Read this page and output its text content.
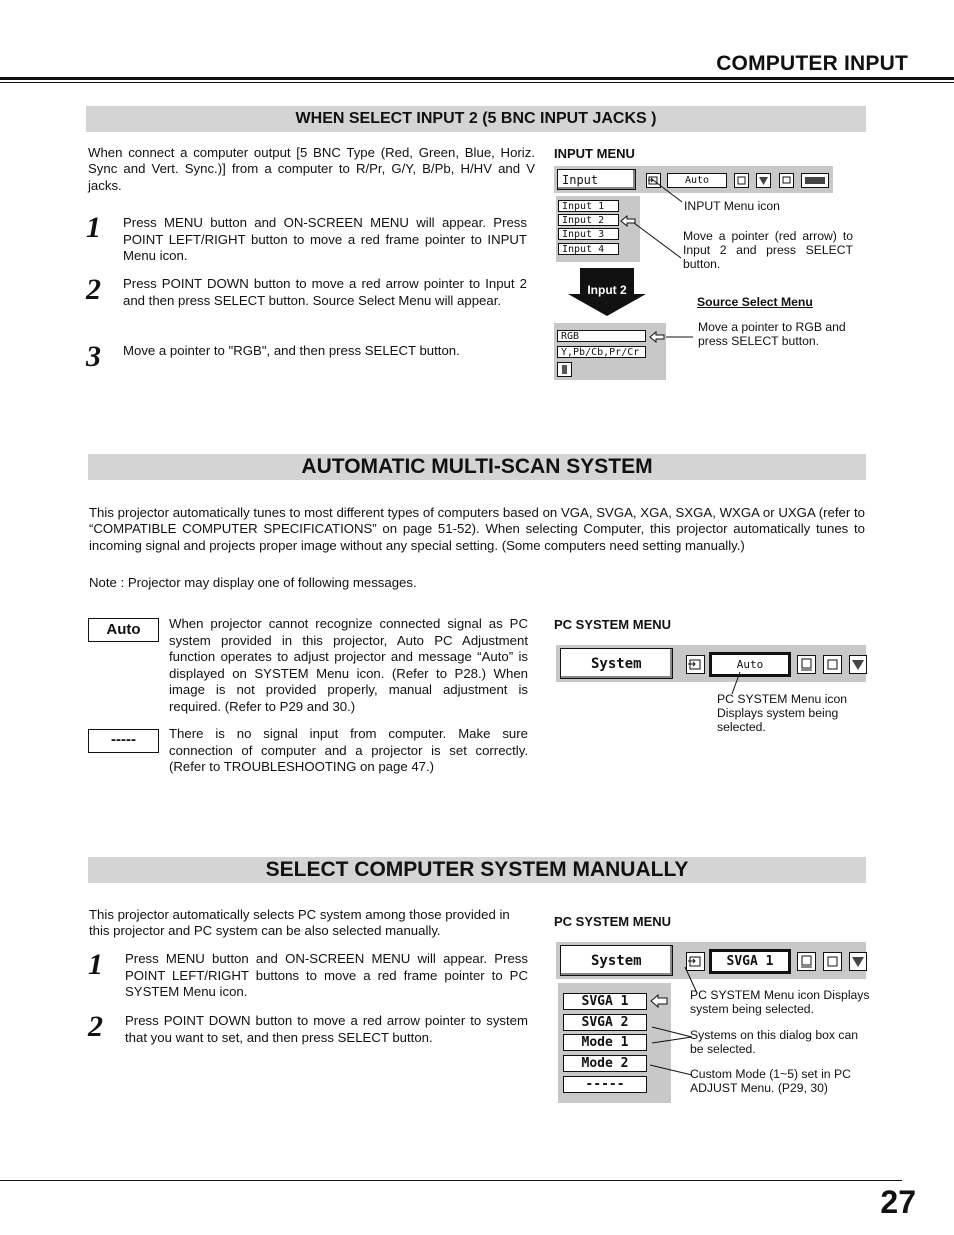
COMPUTER INPUT
WHEN SELECT INPUT 2 (5 BNC INPUT JACKS )
When connect a computer output [5 BNC Type (Red, Green, Blue, Horiz. Sync and Vert. Sync.)] from a computer to R/Pr, G/Y, B/Pb, H/HV and V jacks.
1 Press MENU button and ON-SCREEN MENU will appear. Press POINT LEFT/RIGHT button to move a red frame pointer to INPUT Menu icon.
2 Press POINT DOWN button to move a red arrow pointer to Input 2 and then press SELECT button. Source Select Menu will appear.
3 Move a pointer to "RGB", and then press SELECT button.
INPUT MENU
Input	Auto
Input 1
Input 2
Input 3
Input 4
Input 2
RGB
Y,Pb/Cb,Pr/Cr
INPUT Menu icon
Move a pointer (red arrow) to Input 2 and press SELECT button.
Source Select Menu
Move a pointer to RGB and press SELECT button.
AUTOMATIC MULTI-SCAN SYSTEM
This projector automatically tunes to most different types of computers based on VGA, SVGA, XGA, SXGA, WXGA or UXGA (refer to “COMPATIBLE COMPUTER SPECIFICATIONS” on page 51-52). When selecting Computer, this projector automatically tunes to incoming signal and projects proper image without any special setting. (Some computers need setting manually.)
Note : Projector may display one of following messages.
Auto	When projector cannot recognize connected signal as PC system provided in this projector, Auto PC Adjustment function operates to adjust projector and message “Auto” is displayed on SYSTEM Menu icon. (Refer to P28.) When image is not provided properly, manual adjustment is required. (Refer to P29 and 30.)
-----	There is no signal input from computer. Make sure connection of computer and a projector is set correctly. (Refer to TROUBLESHOOTING on page 47.)
PC SYSTEM MENU
System	Auto
PC SYSTEM Menu icon Displays system being selected.
SELECT COMPUTER SYSTEM MANUALLY
This projector automatically selects PC system among those provided in this projector and PC system can be also selected manually.
1 Press MENU button and ON-SCREEN MENU will appear. Press POINT LEFT/RIGHT buttons to move a red frame pointer to PC SYSTEM Menu icon.
2 Press POINT DOWN button to move a red arrow pointer to system that you want to set, and then press SELECT button.
PC SYSTEM MENU
System	SVGA 1
SVGA 1
SVGA 2
Mode 1
Mode 2
-----
PC SYSTEM Menu icon Displays system being selected.
Systems on this dialog box can be selected.
Custom Mode (1~5) set in PC ADJUST Menu. (P29, 30)
27
